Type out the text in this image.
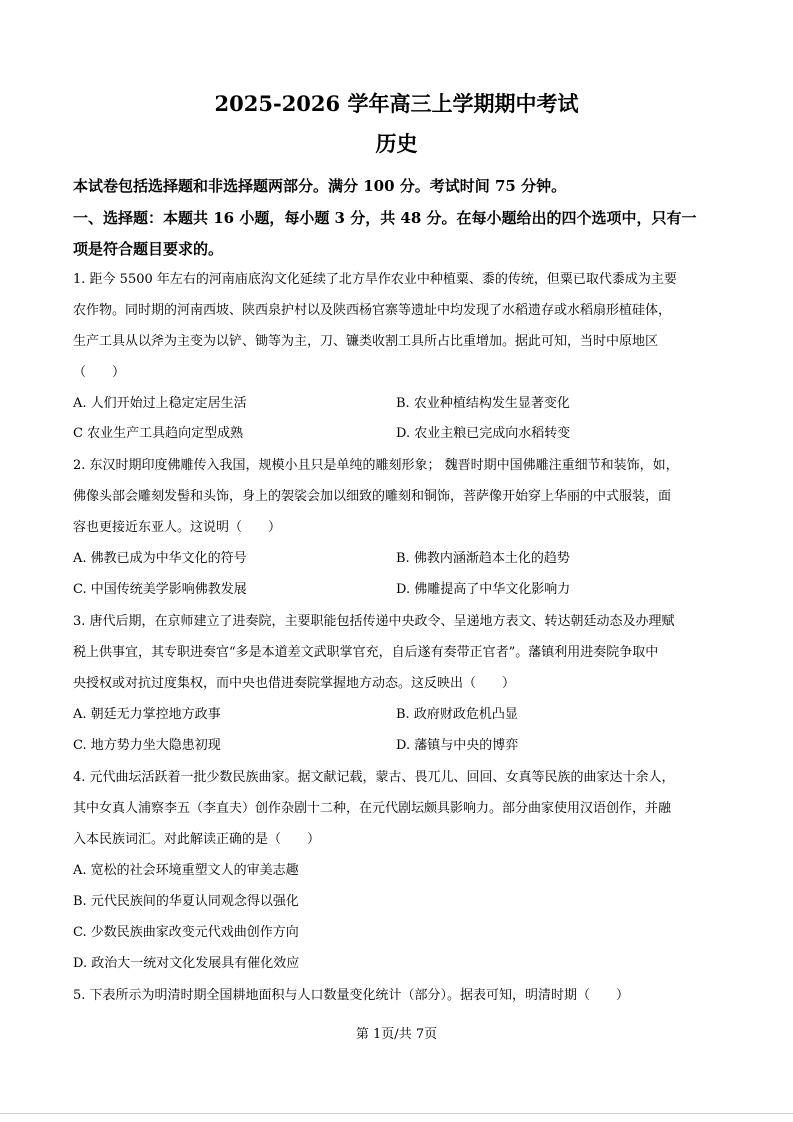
2025-2026 学年高三上学期期中考试
历史
本试卷包括选择题和非选择题两部分。满分 100 分。考试时间 75 分钟。
一、选择题：本题共 16 小题，每小题 3 分，共 48 分。在每小题给出的四个选项中，只有一
项是符合题目要求的。
1. 距今 5500 年左右的河南庙底沟文化延续了北方旱作农业中种植粟、黍的传统，但粟已取代黍成为主要
农作物。同时期的河南西坡、陕西泉护村以及陕西杨官寨等遗址中均发现了水稻遗存或水稻扇形植硅体，
生产工具从以斧为主变为以铲、锄等为主，刀、镰类收割工具所占比重增加。据此可知，当时中原地区
（　　）
A. 人们开始过上稳定定居生活	B. 农业种植结构发生显著变化
C 农业生产工具趋向定型成熟	D. 农业主粮已完成向水稻转变
2. 东汉时期印度佛雕传入我国，规模小且只是单纯的雕刻形象； 魏晋时期中国佛雕注重细节和装饰，如，
佛像头部会雕刻发髻和头饰，身上的袈裟会加以细致的雕刻和铜饰，菩萨像开始穿上华丽的中式服装，面
容也更接近东亚人。这说明（　　）
A. 佛教已成为中华文化的符号	B. 佛教内涵渐趋本土化的趋势
C. 中国传统美学影响佛教发展	D. 佛雕提高了中华文化影响力
3. 唐代后期，在京师建立了进奏院，主要职能包括传递中央政令、呈递地方表文、转达朝廷动态及办理赋
税上供事宜，其专职进奏官“多是本道差文武职掌官充，自后遂有奏带正官者”。藩镇利用进奏院争取中
央授权或对抗过度集权，而中央也借进奏院掌握地方动态。这反映出（　　）
A. 朝廷无力掌控地方政事	B. 政府财政危机凸显
C. 地方势力坐大隐患初现	D. 藩镇与中央的博弈
4. 元代曲坛活跃着一批少数民族曲家。据文献记载，蒙古、畏兀儿、回回、女真等民族的曲家达十余人，
其中女真人浦察李五（李直夫）创作杂剧十二种，在元代剧坛颇具影响力。部分曲家使用汉语创作，并融
入本民族词汇。对此解读正确的是（　　）
A. 宽松的社会环境重塑文人的审美志趣
B. 元代民族间的华夏认同观念得以强化
C. 少数民族曲家改变元代戏曲创作方向
D. 政治大一统对文化发展具有催化效应
5. 下表所示为明清时期全国耕地面积与人口数量变化统计（部分）。据表可知，明清时期（　　）
第 1页/共 7页
